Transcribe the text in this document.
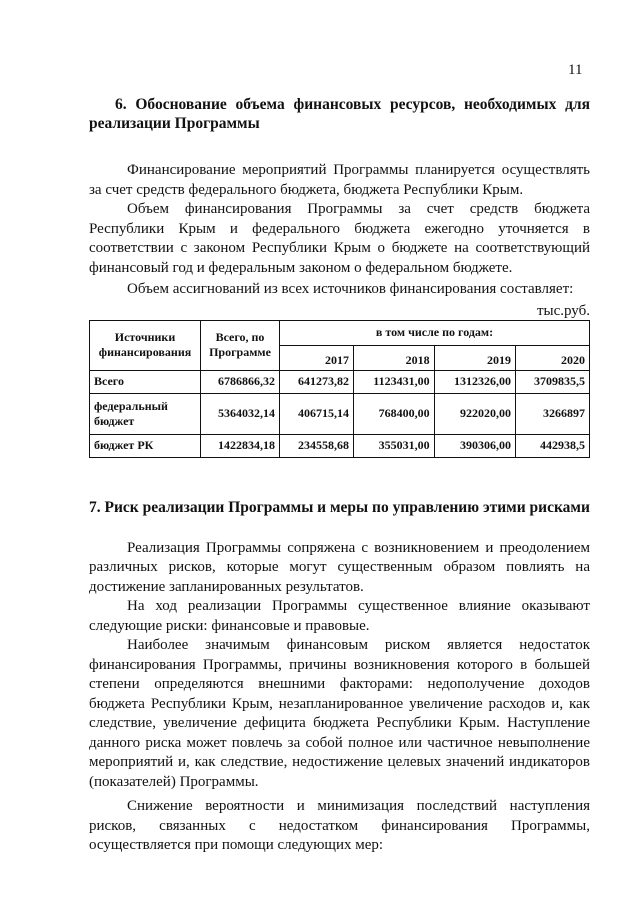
11
6. Обоснование объема финансовых ресурсов, необходимых для реализации Программы

Финансирование мероприятий Программы планируется осуществлять за счет средств федерального бюджета, бюджета Республики Крым.

Объем финансирования Программы за счет средств бюджета Республики Крым и федерального бюджета ежегодно уточняется в соответствии с законом Республики Крым о бюджете на соответствующий финансовый год и федеральным законом о федеральном бюджете.

Объем ассигнований из всех источников финансирования составляет:

тыс.руб.
Источники финансирования	Всего, по Программе	в том числе по годам:			
		2017	2018	2019	2020
Всего	6786866,32	641273,82	1123431,00	1312326,00	3709835,5
федеральный бюджет	5364032,14	406715,14	768400,00	922020,00	3266897
бюджет РК	1422834,18	234558,68	355031,00	390306,00	442938,5
7. Риск реализации Программы и меры по управлению этими рисками

Реализация Программы сопряжена с возникновением и преодолением различных рисков, которые могут существенным образом повлиять на достижение запланированных результатов.

На ход реализации Программы существенное влияние оказывают следующие риски: финансовые и правовые.

Наиболее значимым финансовым риском является недостаток финансирования Программы, причины возникновения которого в большей степени определяются внешними факторами: недополучение доходов бюджета Республики Крым, незапланированное увеличение расходов и, как следствие, увеличение дефицита бюджета Республики Крым. Наступление данного риска может повлечь за собой полное или частичное невыполнение мероприятий и, как следствие, недостижение целевых значений индикаторов (показателей) Программы.

Снижение вероятности и минимизация последствий наступления рисков, связанных с недостатком финансирования Программы, осуществляется при помощи следующих мер:
